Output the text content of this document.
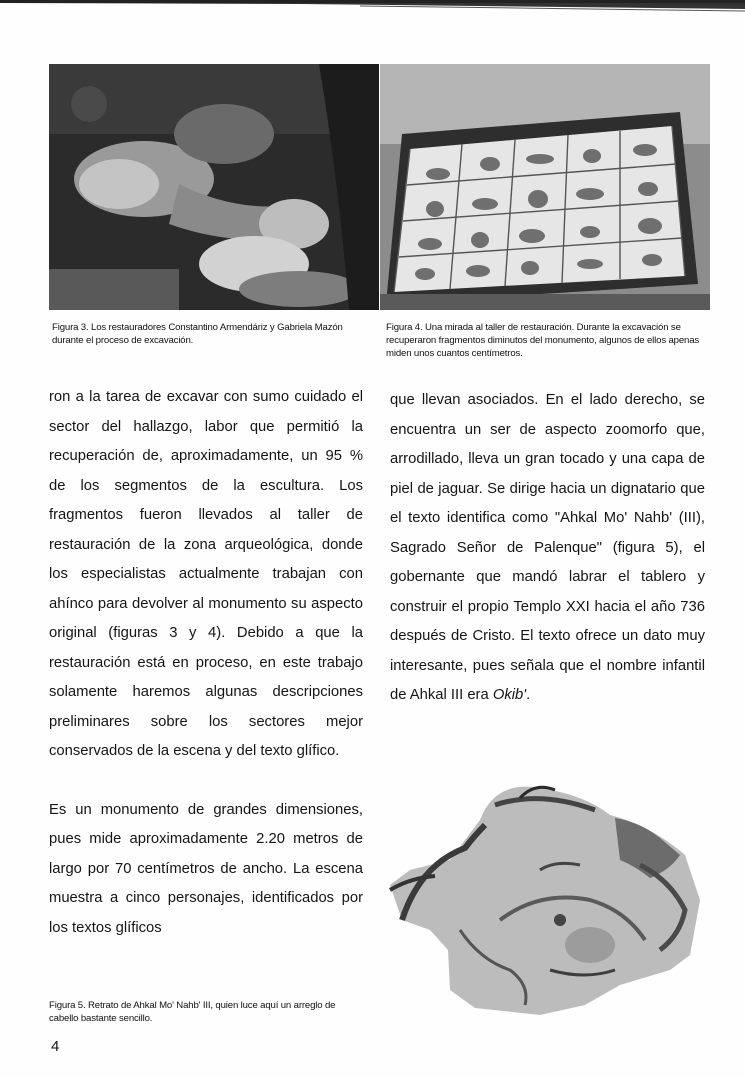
Figura 3. Los restauradores Constantino Armendáriz y Gabriela Mazón durante el proceso de excavación.
Figura 4. Una mirada al taller de restauración. Durante la excavación se recuperaron fragmentos diminutos del monumento, algunos de ellos apenas miden unos cuantos centímetros.

ron a la tarea de excavar con sumo cuidado el sector del hallazgo, labor que permitió la recuperación de, aproximadamente, un 95 % de los segmentos de la escultura. Los fragmentos fueron llevados al taller de restauración de la zona arqueológica, donde los especialistas actualmente trabajan con ahínco para devolver al monumento su aspecto original (figuras 3 y 4). Debido a que la restauración está en proceso, en este trabajo solamente haremos algunas descripciones preliminares sobre los sectores mejor conservados de la escena y del texto glífico.

Es un monumento de grandes dimensiones, pues mide aproximadamente 2.20 metros de largo por 70 centímetros de ancho. La escena muestra a cinco personajes, identificados por los textos glíficos

que llevan asociados. En el lado derecho, se encuentra un ser de aspecto zoomorfo que, arrodillado, lleva un gran tocado y una capa de piel de jaguar. Se dirige hacia un dignatario que el texto identifica como "Ahkal Mo' Nahb' (III), Sagrado Señor de Palenque" (figura 5), el gobernante que mandó labrar el tablero y construir el propio Templo XXI hacia el año 736 después de Cristo. El texto ofrece un dato muy interesante, pues señala que el nombre infantil de Ahkal III era Okib'.

Figura 5. Retrato de Ahkal Mo' Nahb' III, quien luce aquí un arreglo de cabello bastante sencillo.
4
